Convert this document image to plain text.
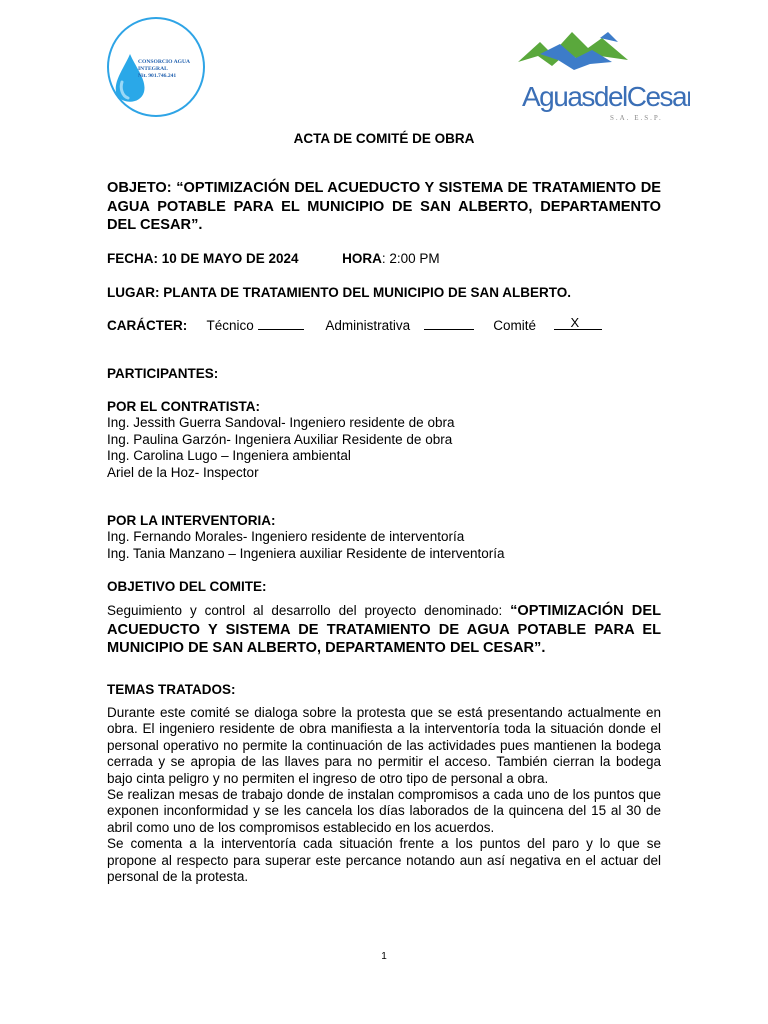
CONSORCIO AGUA
INTEGRAL
Nit. 901.746.241
AguasdelCesar
S.A. E.S.P.
ACTA DE COMITÉ DE OBRA
OBJETO: “OPTIMIZACIÓN DEL ACUEDUCTO Y SISTEMA DE TRATAMIENTO DE AGUA POTABLE PARA EL MUNICIPIO DE SAN ALBERTO, DEPARTAMENTO DEL CESAR”.
FECHA: 10 DE MAYO DE 2024	HORA: 2:00 PM
LUGAR: PLANTA DE TRATAMIENTO DEL MUNICIPIO DE SAN ALBERTO.
CARÁCTER: Técnico	Administrativa	Comité	X
PARTICIPANTES:
POR EL CONTRATISTA:
Ing. Jessith Guerra Sandoval- Ingeniero residente de obra
Ing. Paulina Garzón- Ingeniera Auxiliar Residente de obra
Ing. Carolina Lugo – Ingeniera ambiental
Ariel de la Hoz- Inspector
POR LA INTERVENTORIA:
Ing. Fernando Morales- Ingeniero residente de interventoría
Ing. Tania Manzano – Ingeniera auxiliar Residente de interventoría
OBJETIVO DEL COMITE:
Seguimiento y control al desarrollo del proyecto denominado: “OPTIMIZACIÓN DEL ACUEDUCTO Y SISTEMA DE TRATAMIENTO DE AGUA POTABLE PARA EL MUNICIPIO DE SAN ALBERTO, DEPARTAMENTO DEL CESAR”.
TEMAS TRATADOS:
Durante este comité se dialoga sobre la protesta que se está presentando actualmente en obra. El ingeniero residente de obra manifiesta a la interventoría toda la situación donde el personal operativo no permite la continuación de las actividades pues mantienen la bodega cerrada y se apropia de las llaves para no permitir el acceso. También cierran la bodega bajo cinta peligro y no permiten el ingreso de otro tipo de personal a obra.
Se realizan mesas de trabajo donde de instalan compromisos a cada uno de los puntos que exponen inconformidad y se les cancela los días laborados de la quincena del 15 al 30 de abril como uno de los compromisos establecido en los acuerdos.
Se comenta a la interventoría cada situación frente a los puntos del paro y lo que se propone al respecto para superar este percance notando aun así negativa en el actuar del personal de la protesta.
1
